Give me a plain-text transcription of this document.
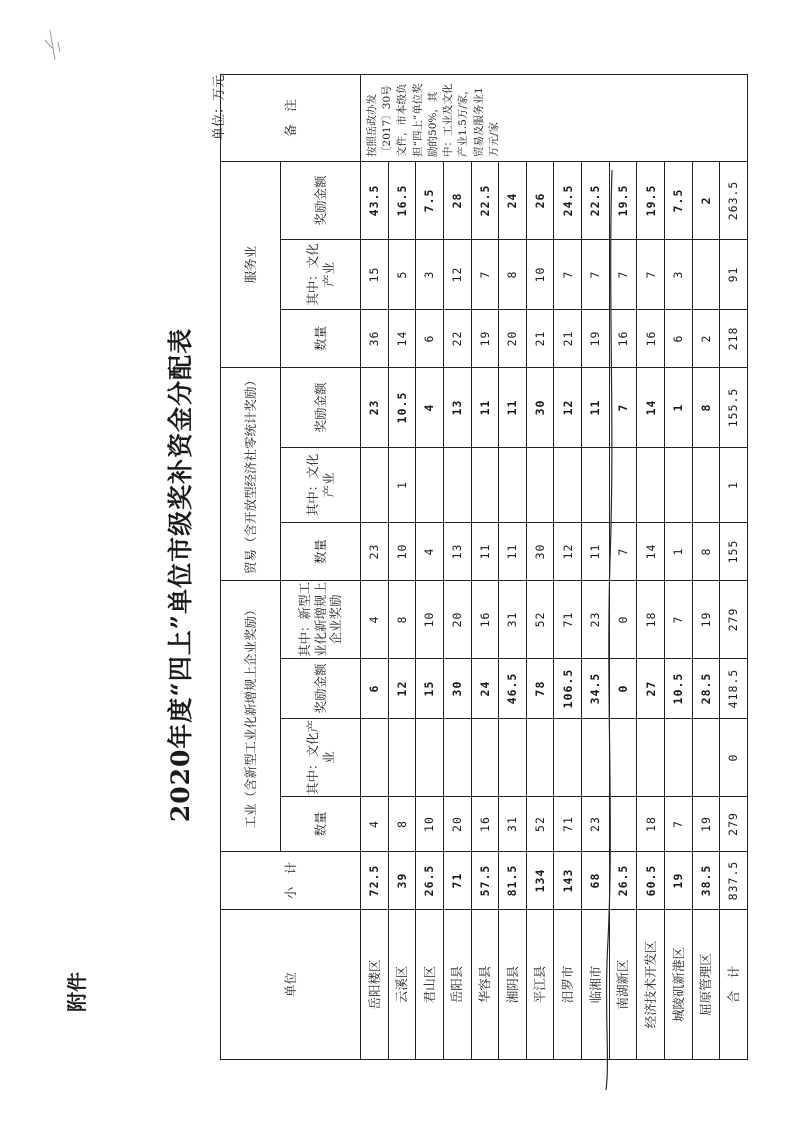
附件
2020年度“四上”单位市级奖补资金分配表
单位：万元
单位	小　计	工业（含新型工业化新增规上企业奖励）				贸易（含开放型经济社零统计奖励）			服务业			备　注
		数量	其中：文化产业	奖励金额	其中：新型工业化新增规上企业奖励	数量	其中：文化产业	奖励金额	数量	其中：文化产业	奖励金额	
岳阳楼区	72.5	4		6	4	23		23	36	15	43.5	按照岳政办发〔2017〕30号文件，市本级负担“四上”单位奖励的50%，其中：工业及文化产业1.5万/家，贸易及服务业1万元/家
云溪区	39	8		12	8	10	1	10.5	14	5	16.5	
君山区	26.5	10		15	10	4		4	6	3	7.5	
岳阳县	71	20		30	20	13		13	22	12	28	
华容县	57.5	16		24	16	11		11	19	7	22.5	
湘阴县	81.5	31		46.5	31	11		11	20	8	24	
平江县	134	52		78	52	30		30	21	10	26	
汨罗市	143	71		106.5	71	12		12	21	7	24.5	
临湘市	68	23		34.5	23	11		11	19	7	22.5	
南湖新区	26.5			0	0	7		7	16	7	19.5	
经济技术开发区	60.5	18		27	18	14		14	16	7	19.5	
城陵矶新港区	19	7		10.5	7	1		1	6	3	7.5	
屈原管理区	38.5	19		28.5	19	8		8	2		2	
合　计	837.5	279	0	418.5	279	155	1	155.5	218	91	263.5	
